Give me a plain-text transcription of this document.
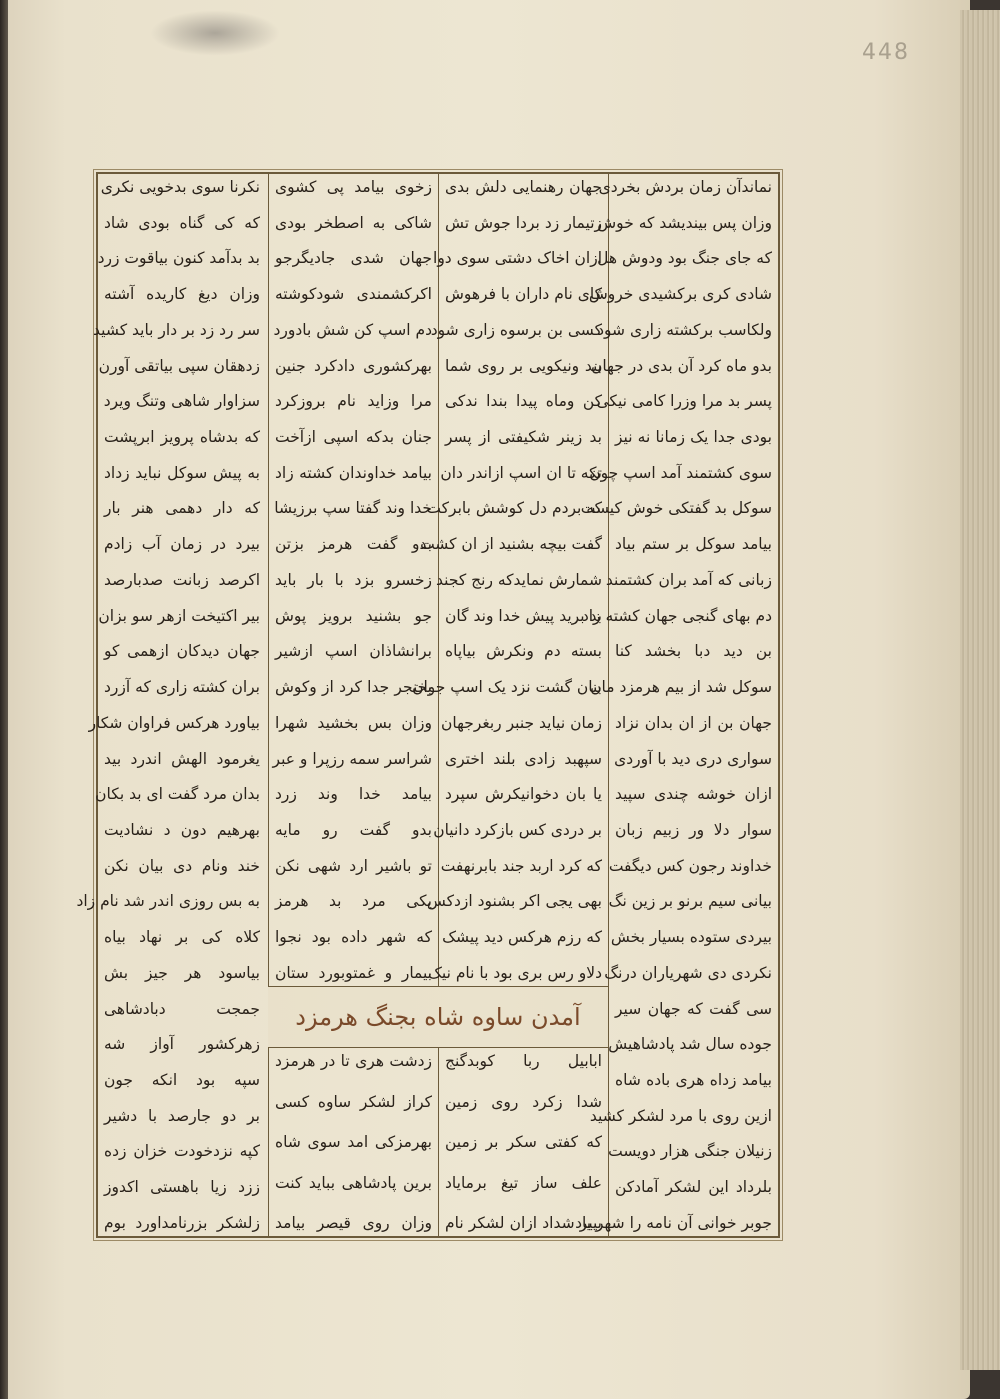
448
نکرنا سوی بدخویی نکری
که کی گناه بودی شاد
بد بدآمد کنون بیاقوت زرد
وزان دیغ کاریده آشته
سر رد زد بر دار باید کشید
زدهقان سپی بیاتقی آورن
سزاوار شاهی وتنگ ویرد
که بدشاه پرویز ابرپشت
به پیش سوکل نباید زداد
که دار دهمی هنر بار
بیرد در زمان آب زادم
اکرصد زبانت صدبارصد
بیر اکتیخت ازهر سو بزان
جهان دیدکان ازهمی کو
بران کشته زاری که آزرد
بیاورد هرکس فراوان شکار
یغرمود الهش اندرد بید
بدان مرد گفت ای بد بکان
بهرهیم دون د نشادیت
خند ونام دی بیان نکن
به بس روزی اندر شد نام زاد
کلاه کی بر نهاد بیاه
بیاسود هر جیز بش
جمجت دبادشاهی
زهرکشور آواز شه
سپه بود انکه جون
بر دو جارصد با دشیر
کپه نزدخودت خزان زده
ززد زیا باهستی اکدوز
زلشکر بزرنامداورد بوم
زخوی بیامد پی کشوی
شاکی به اصطخر بودی
جهان شدی جادیگرجو
اکرکشمندی شودکوشته
دم اسپ کن شش بادورد
بهرکشوری دادکرد جنین
مرا وزاید نام بروزکرد
جنان بدکه اسپی ازآخت
بیامد خداوندان کشته زاد
خدا وند گفتا سپ برزیشا
بدو گفت هرمز بزتن
زخسرو بزد با بار باید
جو بشنید برویز پوش
برانشاذان اسپ ازشیر
بخنجر جدا کرد از وکوش
وزان بس بخشید شهرا
شراسر سمه رزپرا و عبر
بیامد خدا وند زرد
بدو گفت رو مایه
تو باشیر ارد شهی نکن
یکی مرد بد هرمز
که شهر داده بود نجوا
بیمار و غمتوبورد ستان
جهان رهنمایی دلش بدی
زتیمار زد بردا جوش تش
ازان اخاک دشتی سوی دوا
کای نام داران با فرهوش
کسی بن برسوه زاری شود
بید ونیکویی بر روی شما
کن وماه پیدا بندا ندکی
بد زینر شکیفتی از پسر
تکه تا ان اسپ ازاندر دان
که بردم دل کوشش بابرکت
گفت بیچه بشنید از ان کشت
شمارش نمایدکه رنج کجند
بد برید پیش خدا وند گان
بسته دم ونکرش بیاپاه
بیان گشت نزد یک اسپ جوان
زمان نیاید جنبر ربغرجهان
سپهبد زادی بلند اختری
یا بان دخوانیکرش سپرد
بر دردی کس بازکرد دانیان
که کرد اربد جند بابرنهفت
بهی یجی اکر بشنود ازدکس
که رزم هرکس دید پیشک
دلاو رس بری بود با نام نیک
نماندآن زمان بردش بخردی
وزان پس بیندیشد که خوش
که جای جنگ بود ودوش هل
شادی کری برکشیدی خروش
ولکاسب برکشته زاری شود
بدو ماه کرد آن بدی در جهان
پسر بد مرا وزرا کامی نیکی
بودی جدا یک زمانا نه نیز
سوی کشتمند آمد اسپ چون
سوکل بد گفتکی خوش کیست
بیامد سوکل بر ستم بیاد
زبانی که آمد بران کشتمند
دم بهای گنجی جهان کشته زاد
بن دید دبا بخشد کنا
سوکل شد از بیم هرمزد مان
جهان بن از ان بدان نزاد
سواری دری دید با آوردی
ازان خوشه چندی سپید
سوار دلا ور زبیم زبان
خداوند رجون کس دیگفت
بیانی سیم برنو بر زین نگ
بیردی ستوده بسیار بخش
نکردی دی شهریاران درنگ
سی گفت که جهان سیر
جوده سال شد پادشاهیش
بیامد زداه هری باده شاه
ازین روی با مرد لشکر کشید
زنیلان جنگی هزار دویست
بلرداد این لشکر آمادکن
جوبر خوانی آن نامه را شهر یاد
آمدن ساوه شاه بجنگ هرمزد
زدشت هری تا در هرمزد
کراز لشکر ساوه کسی
بهرمزکی امد سوی شاه
برین پادشاهی بباید کنت
وزان روی قیصر بیامد
ابابیل ربا کوبدگنج
شدا زکرد روی زمین
که کفتی سکر بر زمین
علف ساز تیغ برمایاد
بپیر شداد ازان لشکر نام
